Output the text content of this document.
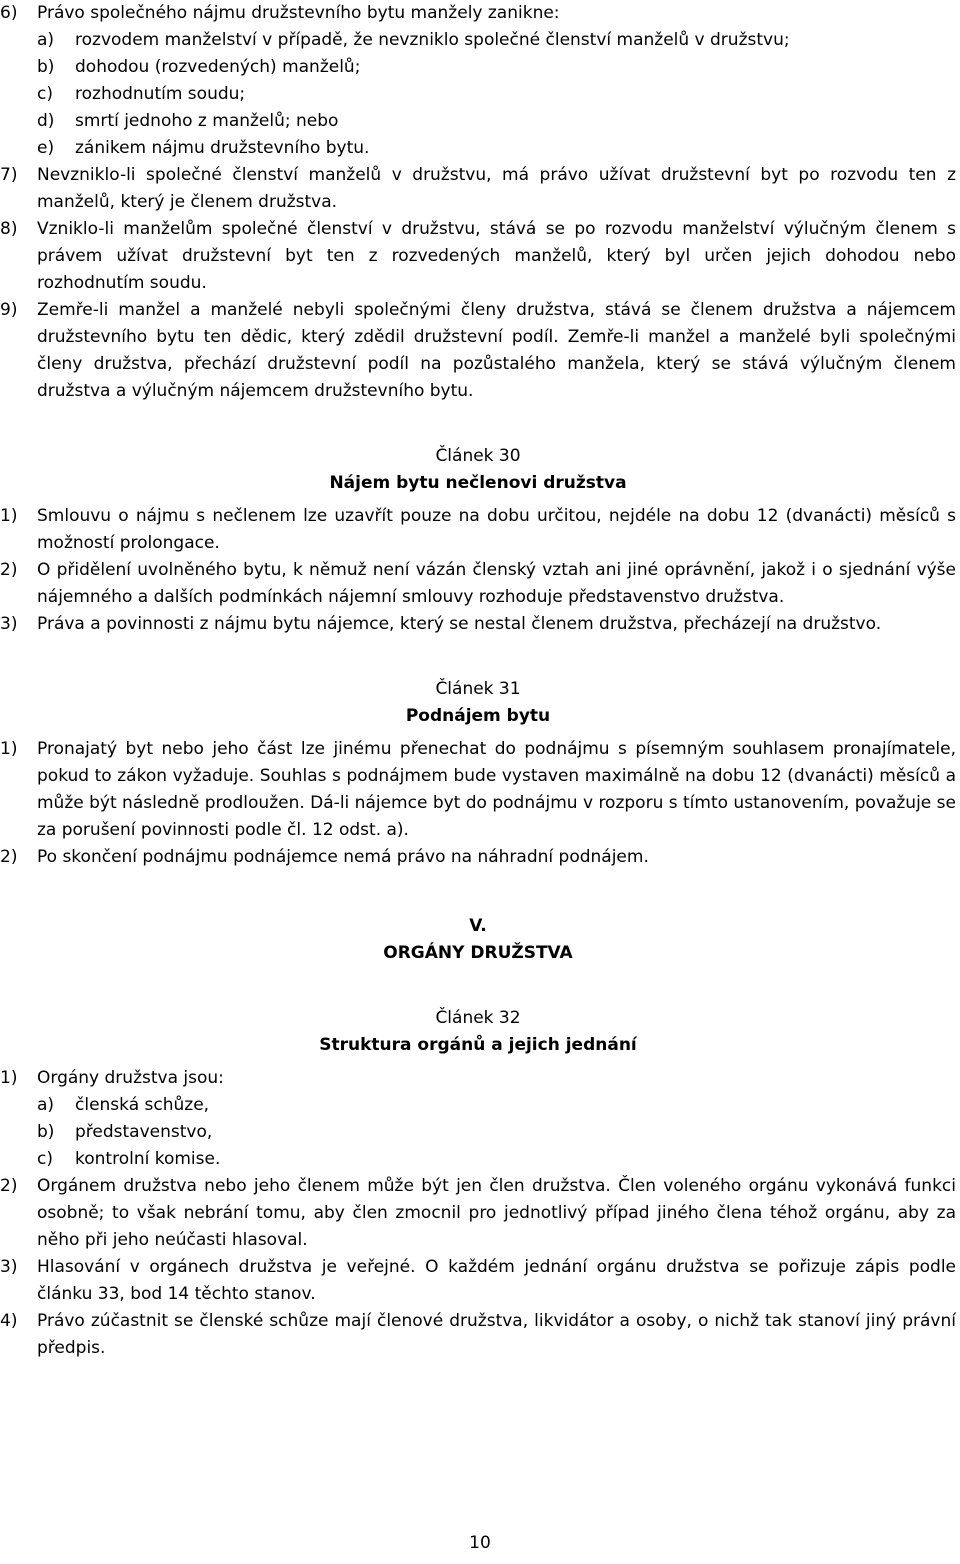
6)	Právo společného nájmu družstevního bytu manžely zanikne:
a)	rozvodem manželství v případě, že nevzniklo společné členství manželů v družstvu;
b)	dohodou (rozvedených) manželů;
c)	rozhodnutím soudu;
d)	smrtí jednoho z manželů; nebo
e)	zánikem nájmu družstevního bytu.
7)	Nevzniklo-li společné členství manželů v družstvu, má právo užívat družstevní byt po rozvodu ten z manželů, který je členem družstva.
8)	Vzniklo-li manželům společné členství v družstvu, stává se po rozvodu manželství výlučným členem s právem užívat družstevní byt ten z rozvedených manželů, který byl určen jejich dohodou nebo rozhodnutím soudu.
9)	Zemře-li manžel a manželé nebyli společnými členy družstva, stává se členem družstva a nájemcem družstevního bytu ten dědic, který zdědil družstevní podíl. Zemře-li manžel a manželé byli společnými členy družstva, přechází družstevní podíl na pozůstalého manžela, který se stává výlučným členem družstva a výlučným nájemcem družstevního bytu.
Článek 30
Nájem bytu nečlenovi družstva
1)	Smlouvu o nájmu s nečlenem lze uzavřít pouze na dobu určitou, nejdéle na dobu 12 (dvanácti) měsíců s možností prolongace.
2)	O přidělení uvolněného bytu, k němuž není vázán členský vztah ani jiné oprávnění, jakož i o sjednání výše nájemného a dalších podmínkách nájemní smlouvy rozhoduje představenstvo družstva.
3)	Práva a povinnosti z nájmu bytu nájemce, který se nestal členem družstva, přecházejí na družstvo.
Článek 31
Podnájem bytu
1)	Pronajatý byt nebo jeho část lze jinému přenechat do podnájmu s písemným souhlasem pronajímatele, pokud to zákon vyžaduje. Souhlas s podnájmem bude vystaven maximálně na dobu 12 (dvanácti) měsíců a může být následně prodloužen. Dá-li nájemce byt do podnájmu v rozporu s tímto ustanovením, považuje se za porušení povinnosti podle čl. 12 odst. a).
2)	Po skončení podnájmu podnájemce nemá právo na náhradní podnájem.
V.
ORGÁNY DRUŽSTVA
Článek 32
Struktura orgánů a jejich jednání
1)	Orgány družstva jsou:
a)	členská schůze,
b)	představenstvo,
c)	kontrolní komise.
2)	Orgánem družstva nebo jeho členem může být jen člen družstva. Člen voleného orgánu vykonává funkci osobně; to však nebrání tomu, aby člen zmocnil pro jednotlivý případ jiného člena téhož orgánu, aby za něho při jeho neúčasti hlasoval.
3)	Hlasování v orgánech družstva je veřejné. O každém jednání orgánu družstva se pořizuje zápis podle článku 33, bod 14 těchto stanov.
4)	Právo zúčastnit se členské schůze mají členové družstva, likvidátor a osoby, o nichž tak stanoví jiný právní předpis.
10
